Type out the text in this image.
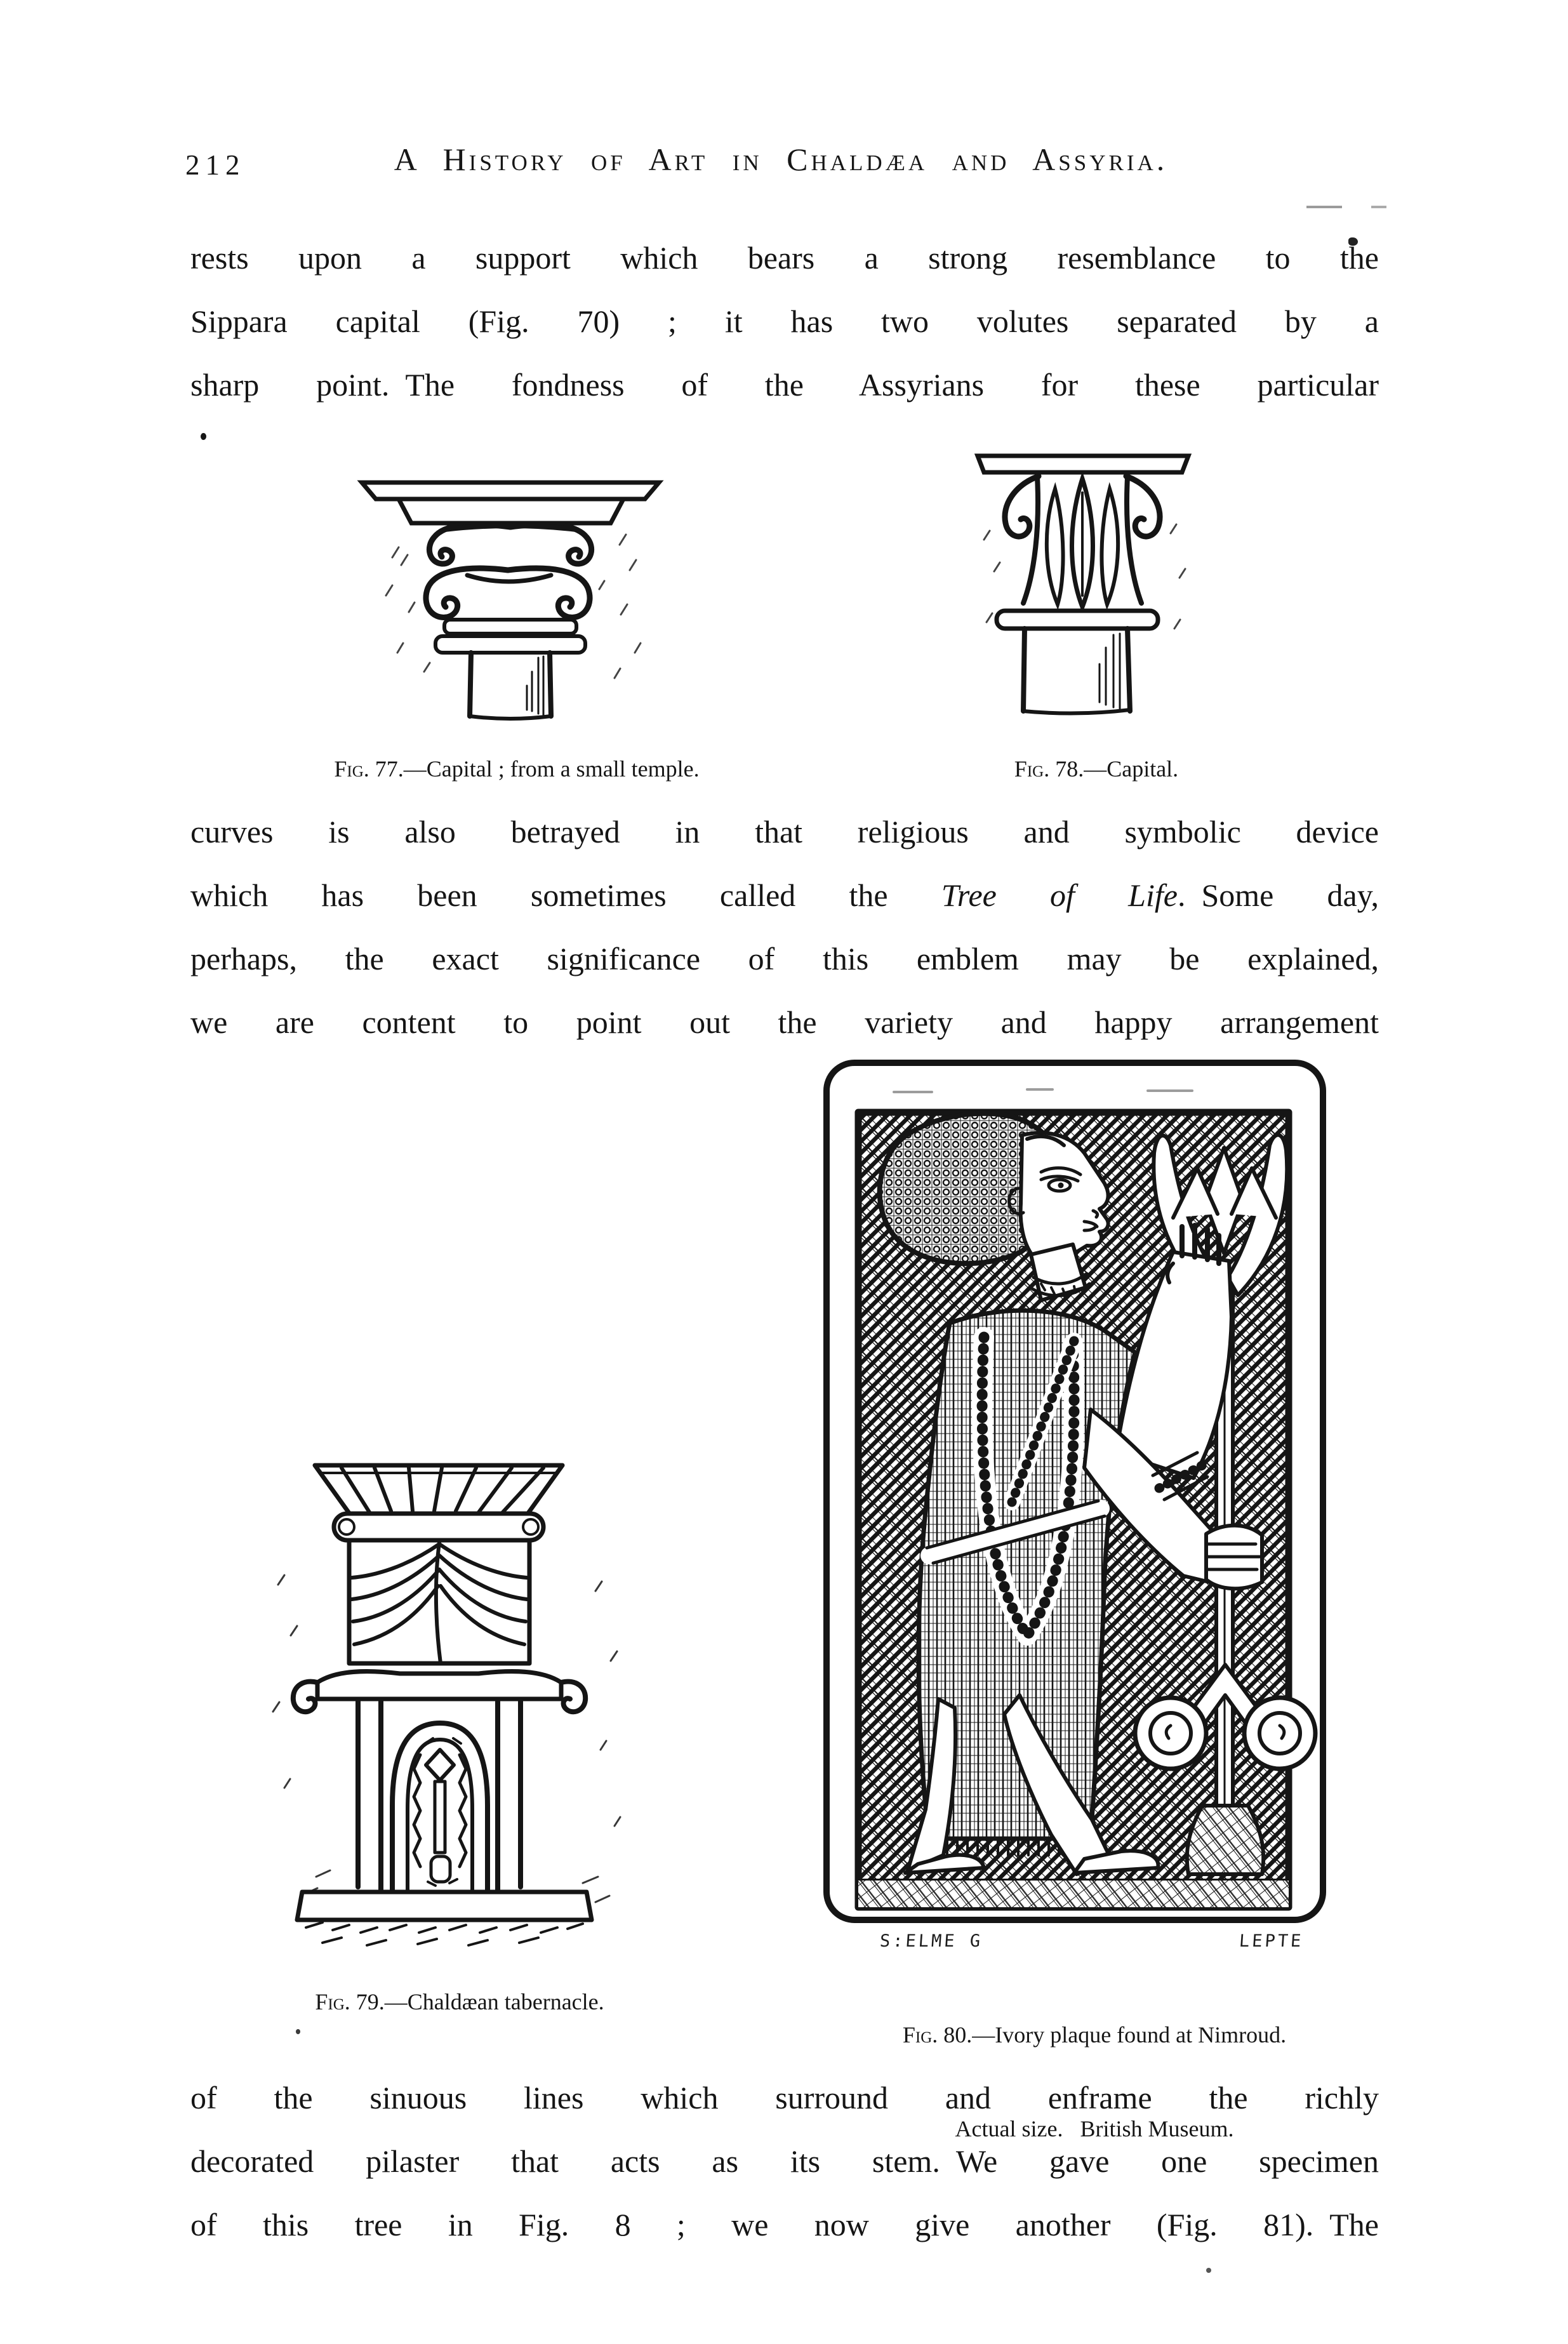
212	A History of Art in Chaldæa and Assyria.
rests upon a support which bears a strong resemblance to the
Sippara capital (Fig. 70) ; it has two volutes separated by a
sharp point. The fondness of the Assyrians for these particular

Fig. 77.—Capital ; from a small temple.
	Fig. 78.—Capital.

curves is also betrayed in that religious and symbolic device
which has been sometimes called the Tree of Life. Some day,
perhaps, the exact significance of this emblem may be explained,
we are content to point out the variety and happy arrangement
S:ELME G	LEPTE

Fig. 79.—Chaldæan tabernacle.

Fig. 80.—Ivory plaque found at Nimroud.

Actual size.  British Museum.

of the sinuous lines which surround and enframe the richly
decorated pilaster that acts as its stem. We gave one specimen
of this tree in Fig. 8 ; we now give another (Fig. 81). The
